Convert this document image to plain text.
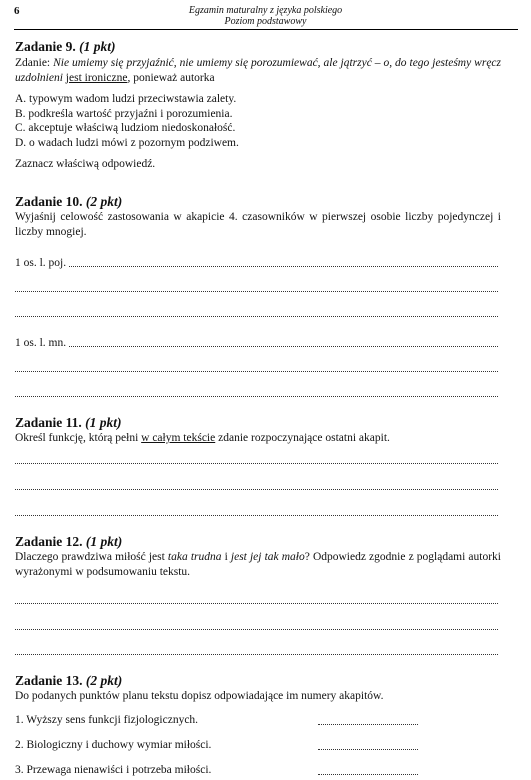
6	Egzamin maturalny z języka polskiego
Poziom podstawowy
Zadanie 9. (1 pkt)
Zdanie: Nie umiemy się przyjaźnić, nie umiemy się porozumiewać, ale jątrzyć – o, do tego jesteśmy wręcz uzdolnieni jest ironiczne, ponieważ autorka
A. typowym wadom ludzi przeciwstawia zalety.
B. podkreśla wartość przyjaźni i porozumienia.
C. akceptuje właściwą ludziom niedoskonałość.
D. o wadach ludzi mówi z pozornym podziwem.
Zaznacz właściwą odpowiedź.
Zadanie 10. (2 pkt)
Wyjaśnij celowość zastosowania w akapicie 4. czasowników w pierwszej osobie liczby pojedynczej i liczby mnogiej.
1 os. l. poj.
1 os. l. mn.
Zadanie 11. (1 pkt)
Określ funkcję, którą pełni w całym tekście zdanie rozpoczynające ostatni akapit.
Zadanie 12. (1 pkt)
Dlaczego prawdziwa miłość jest taka trudna i jest jej tak mało? Odpowiedz zgodnie z poglądami autorki wyrażonymi w podsumowaniu tekstu.
Zadanie 13. (2 pkt)
Do podanych punktów planu tekstu dopisz odpowiadające im numery akapitów.
1. Wyższy sens funkcji fizjologicznych.
2. Biologiczny i duchowy wymiar miłości.
3. Przewaga nienawiści i potrzeba miłości.
